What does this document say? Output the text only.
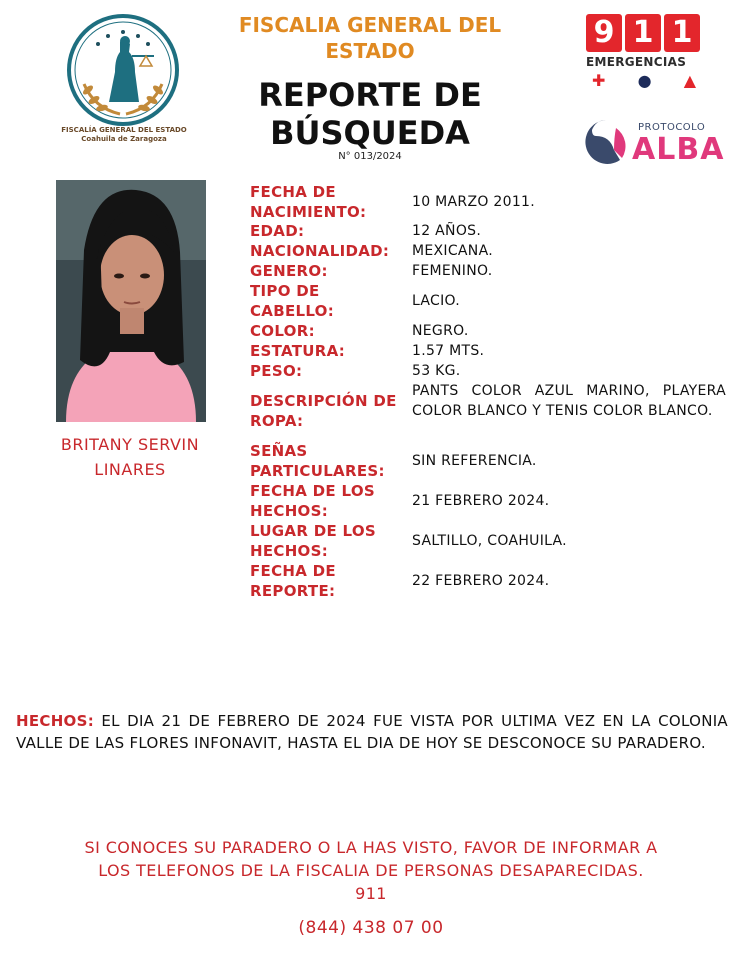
FISCALÍA GENERAL DEL ESTADO
Coahuila de Zaragoza
FISCALIA GENERAL DEL ESTADO
REPORTE DE
BÚSQUEDA
N° 013/2024
9 1 1
EMERGENCIAS
✚ ● ▲
PROTOCOLO
ALBA
BRITANY SERVIN
LINARES
FECHA DE NACIMIENTO:
10 MARZO 2011.
EDAD:	12 AÑOS.
NACIONALIDAD: MEXICANA.
GENERO:	FEMENINO.
TIPO DE CABELLO:
LACIO.
COLOR:	NEGRO.
ESTATURA:	1.57 MTS.
PESO:	53 KG.
DESCRIPCIÓN DE ROPA:
PANTS COLOR AZUL MARINO, PLAYERA COLOR BLANCO Y TENIS COLOR BLANCO.
SEÑAS PARTICULARES:
SIN REFERENCIA.
FECHA DE LOS HECHOS:
21 FEBRERO 2024.
LUGAR DE LOS HECHOS:
SALTILLO, COAHUILA.
FECHA DE REPORTE:
22 FEBRERO 2024.
HECHOS: EL DIA 21 DE FEBRERO DE 2024 FUE VISTA POR ULTIMA VEZ EN LA COLONIA VALLE DE LAS FLORES INFONAVIT, HASTA EL DIA DE HOY SE DESCONOCE SU PARADERO.
SI CONOCES SU PARADERO O LA HAS VISTO, FAVOR DE INFORMAR A
LOS TELEFONOS DE LA FISCALIA DE PERSONAS DESAPARECIDAS.
911
(844) 438 07 00
